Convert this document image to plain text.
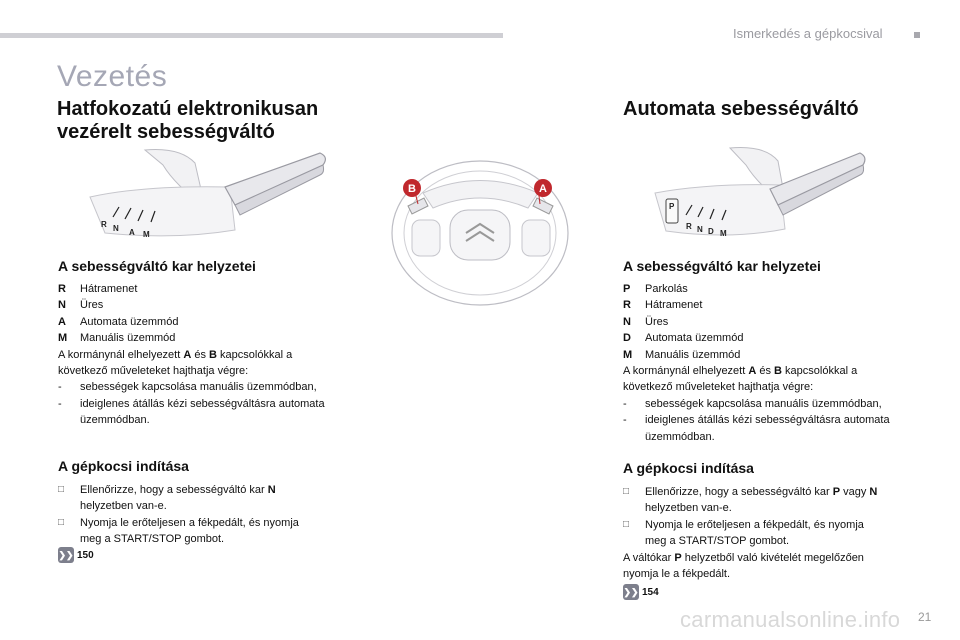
Ismerkedés a gépkocsival
Vezetés
Hatfokozatú elektronikusan vezérelt sebességváltó
Automata sebességváltó
R N A M
B	A
P
R N D M
A sebességváltó kar helyzetei
R	Hátramenet
N	Üres
A	Automata üzemmód
M	Manuális üzemmód
A kormánynál elhelyezett A és B kapcsolókkal a következő műveleteket hajthatja végre:
-	sebességek kapcsolása manuális üzemmódban,
-	ideiglenes átállás kézi sebességváltásra automata üzemmódban.
A gépkocsi indítása
□	Ellenőrizze, hogy a sebességváltó kar N helyzetben van-e.
□	Nyomja le erőteljesen a fékpedált, és nyomja meg a START/STOP gombot.
❯❯ 150
A sebességváltó kar helyzetei
P	Parkolás
R	Hátramenet
N	Üres
D	Automata üzemmód
M	Manuális üzemmód
A kormánynál elhelyezett A és B kapcsolókkal a következő műveleteket hajthatja végre:
-	sebességek kapcsolása manuális üzemmódban,
-	ideiglenes átállás kézi sebességváltásra automata üzemmódban.
A gépkocsi indítása
□	Ellenőrizze, hogy a sebességváltó kar P vagy N helyzetben van-e.
□	Nyomja le erőteljesen a fékpedált, és nyomja meg a START/STOP gombot.
A váltókar P helyzetből való kivételét megelőzően nyomja le a fékpedált.
❯❯ 154
carmanualsonline.info 21
